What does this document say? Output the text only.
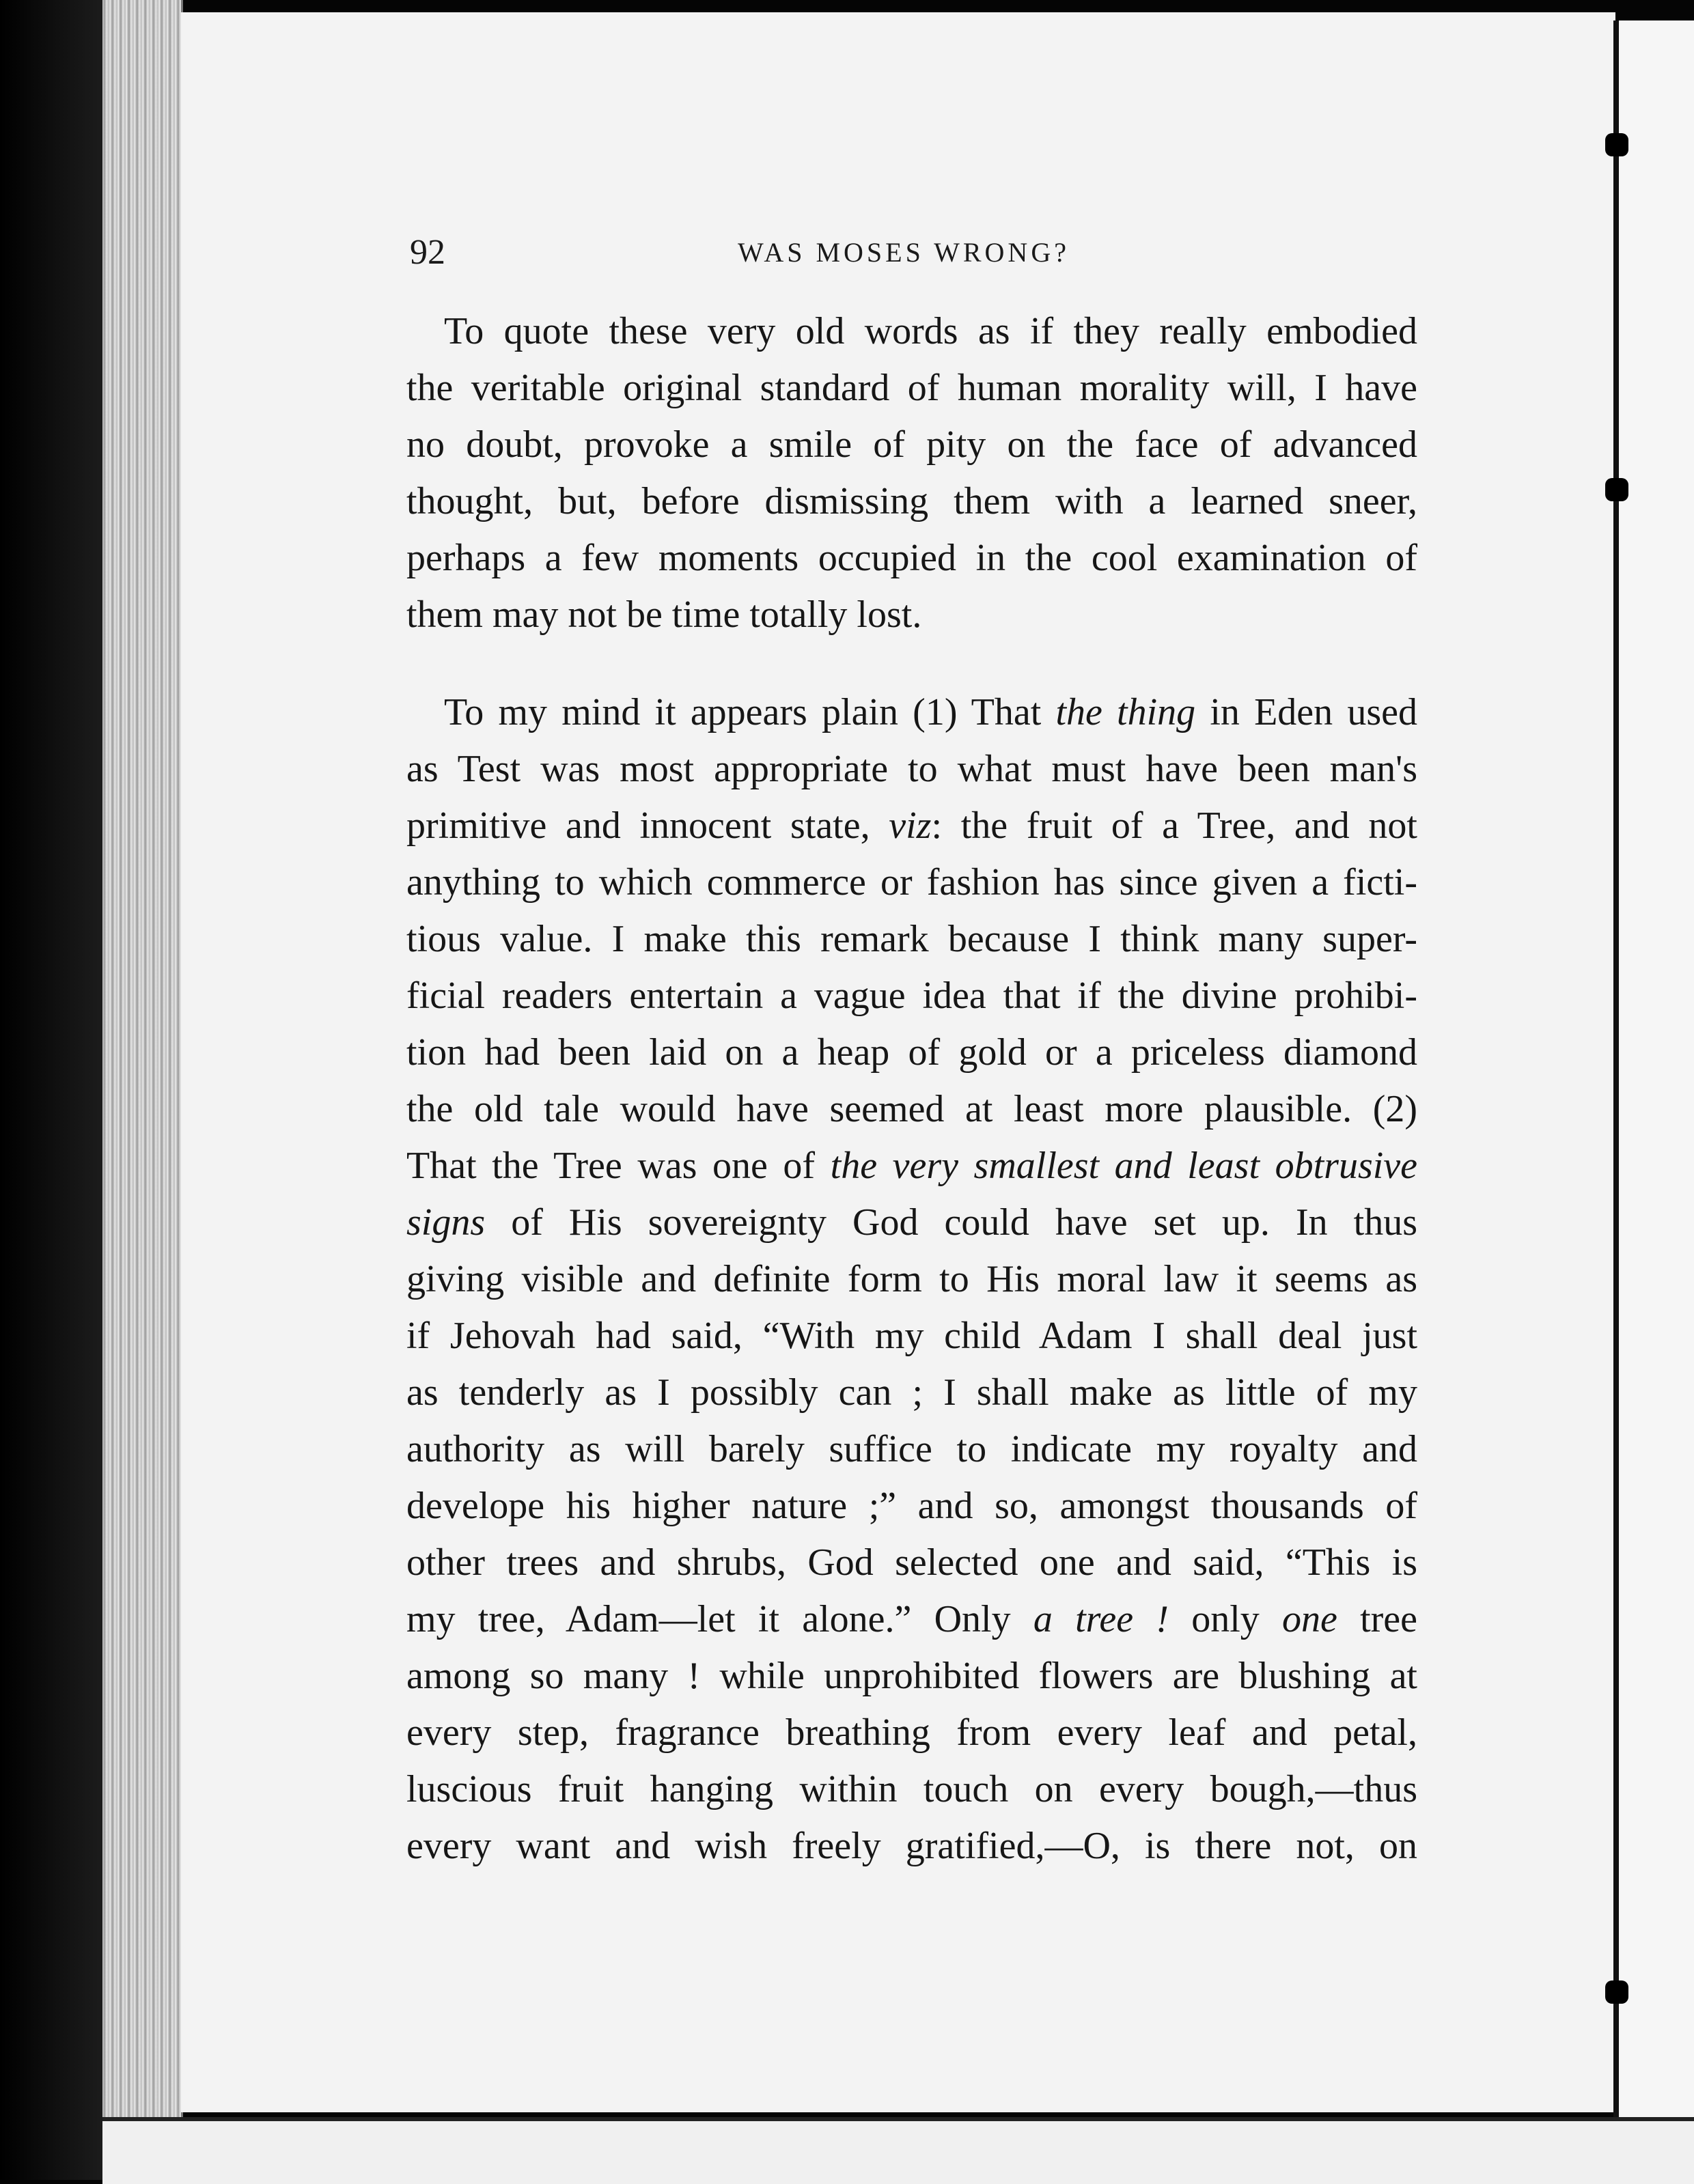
92	WAS MOSES WRONG?
To quote these very old words as if they really embodied
the veritable original standard of human morality will, I have
no doubt, provoke a smile of pity on the face of advanced
thought, but, before dismissing them with a learned sneer,
perhaps a few moments occupied in the cool examination of
them may not be time totally lost.
To my mind it appears plain (1) That the thing in Eden used
as Test was most appropriate to what must have been man's
primitive and innocent state, viz: the fruit of a Tree, and not
anything to which commerce or fashion has since given a ficti-
tious value. I make this remark because I think many super-
ficial readers entertain a vague idea that if the divine prohibi-
tion had been laid on a heap of gold or a priceless diamond
the old tale would have seemed at least more plausible. (2)
That the Tree was one of the very smallest and least obtrusive
signs of His sovereignty God could have set up. In thus
giving visible and definite form to His moral law it seems as
if Jehovah had said, “With my child Adam I shall deal just
as tenderly as I possibly can ; I shall make as little of my
authority as will barely suffice to indicate my royalty and
develope his higher nature ;” and so, amongst thousands of
other trees and shrubs, God selected one and said, “This is
my tree, Adam—let it alone.” Only a tree ! only one tree
among so many ! while unprohibited flowers are blushing at
every step, fragrance breathing from every leaf and petal,
luscious fruit hanging within touch on every bough,—thus
every want and wish freely gratified,—O, is there not, on
